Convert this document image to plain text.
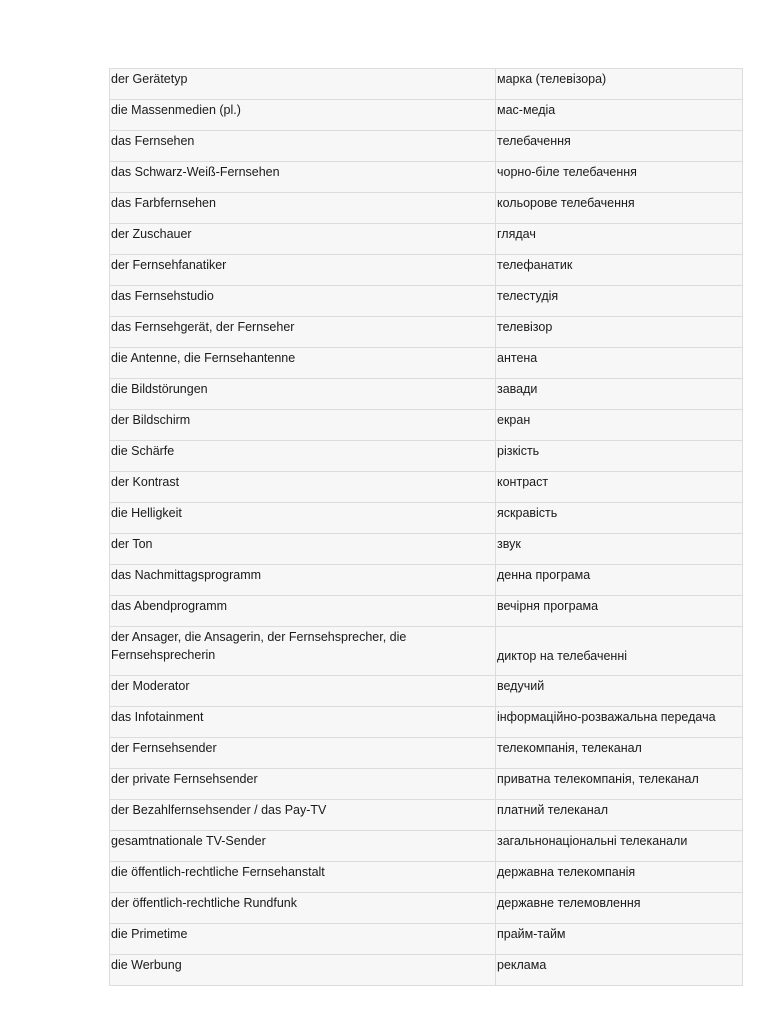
der Gerätetyp	марка (телевізора)
die Massenmedien (pl.)	мас-медіа
das Fernsehen	телебачення
das Schwarz-Weiß-Fernsehen	чорно-біле телебачення
das Farbfernsehen	кольорове телебачення
der Zuschauer	глядач
der Fernsehfanatiker	телефанатик
das Fernsehstudio	телестудія
das Fernsehgerät, der Fernseher	телевізор
die Antenne, die Fernsehantenne	антена
die Bildstörungen	завади
der Bildschirm	екран
die Schärfe	різкість
der Kontrast	контраст
die Helligkeit	яскравість
der Ton	звук
das Nachmittagsprogramm	денна програма
das Abendprogramm	вечірня програма
der Ansager, die Ansagerin, der Fernsehsprecher, die Fernsehsprecherin	диктор на телебаченні
der Moderator	ведучий
das Infotainment	інформаційно-розважальна передача
der Fernsehsender	телекомпанія, телеканал
der private Fernsehsender	приватна телекомпанія, телеканал
der Bezahlfernsehsender / das Pay-TV	платний телеканал
gesamtnationale TV-Sender	загальнонаціональні телеканали
die öffentlich-rechtliche Fernsehanstalt	державна телекомпанія
der öffentlich-rechtliche Rundfunk	державне телемовлення
die Primetime	прайм-тайм
die Werbung	реклама
